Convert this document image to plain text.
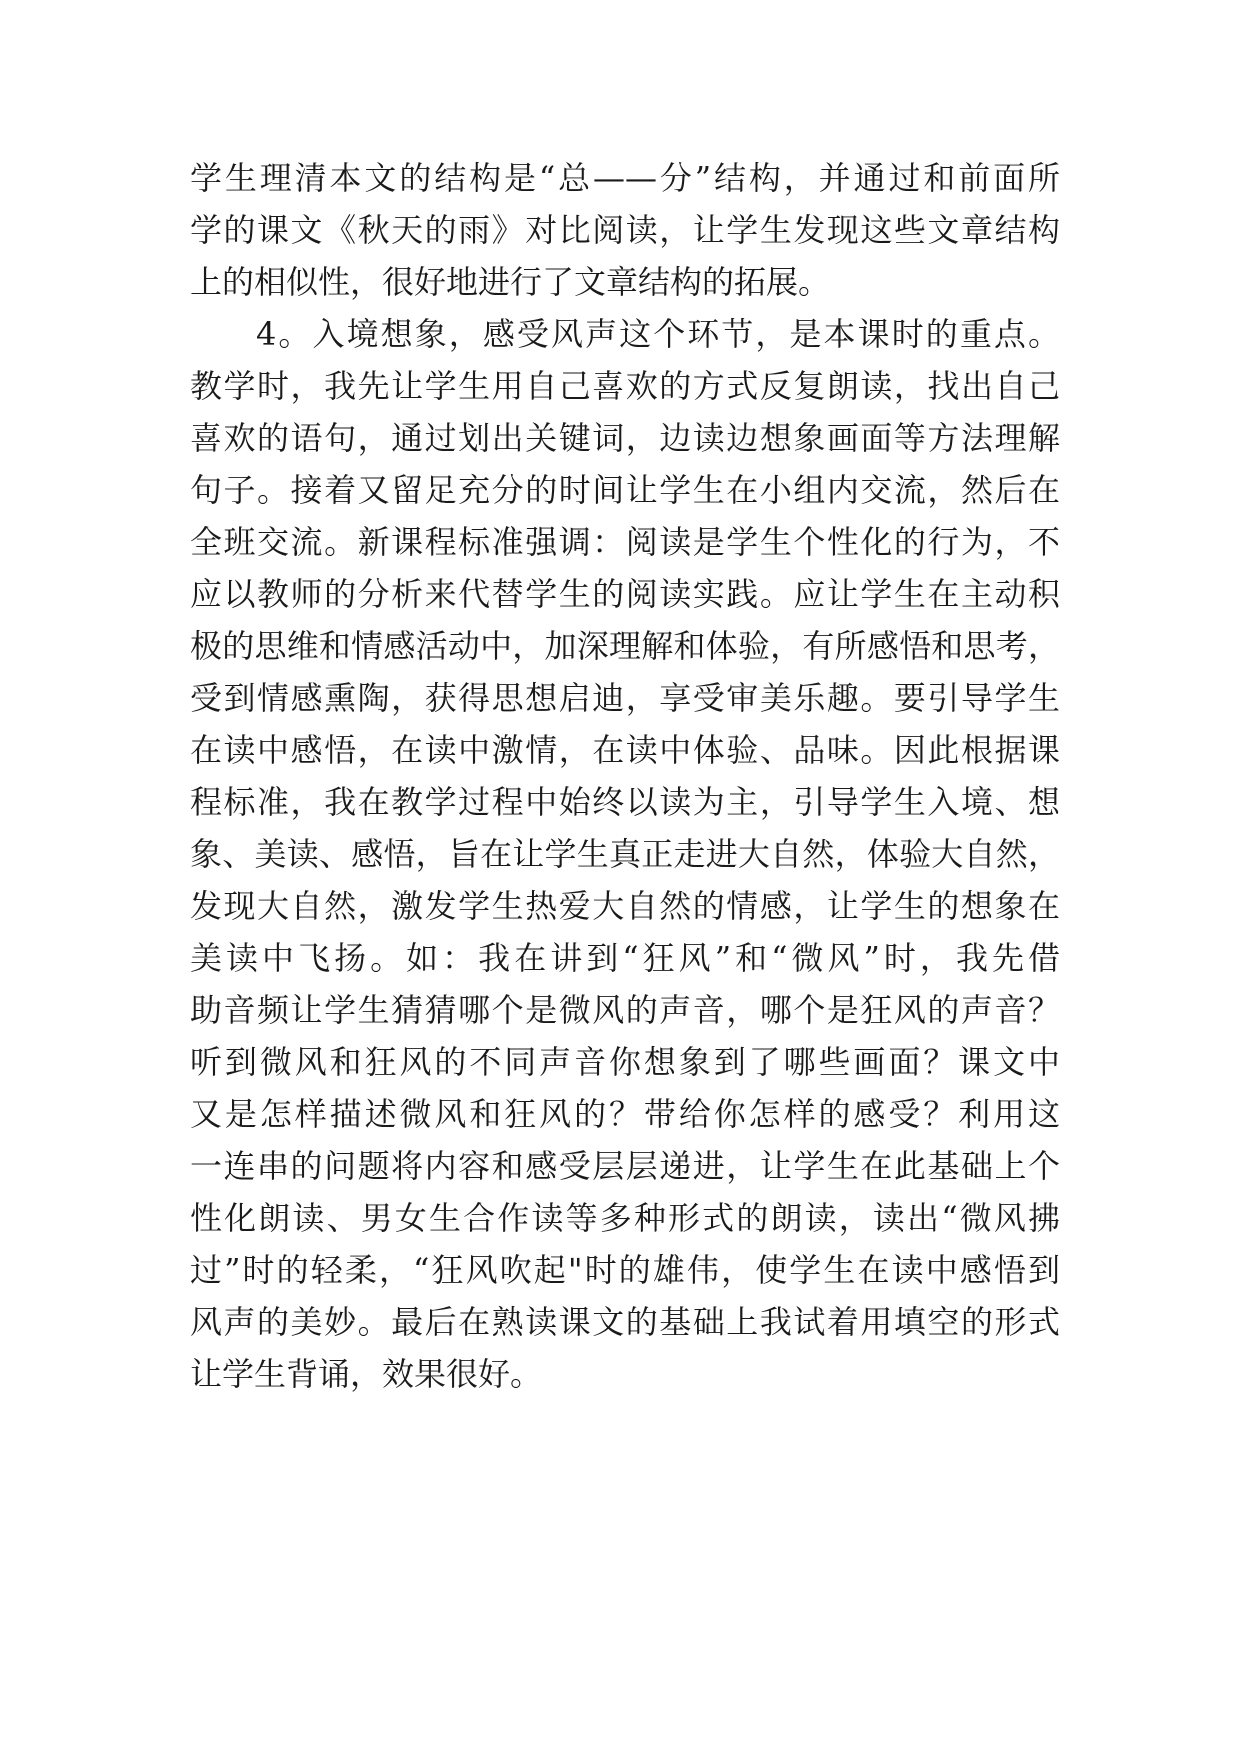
学生理清本文的结构是“总——分”结构，并通过和前面所
学的课文《秋天的雨》对比阅读，让学生发现这些文章结构
上的相似性，很好地进行了文章结构的拓展。
4。入境想象，感受风声这个环节，是本课时的重点。
教学时，我先让学生用自己喜欢的方式反复朗读，找出自己
喜欢的语句，通过划出关键词，边读边想象画面等方法理解
句子。接着又留足充分的时间让学生在小组内交流，然后在
全班交流。新课程标准强调：阅读是学生个性化的行为，不
应以教师的分析来代替学生的阅读实践。应让学生在主动积
极的思维和情感活动中，加深理解和体验，有所感悟和思考，
受到情感熏陶，获得思想启迪，享受审美乐趣。要引导学生
在读中感悟，在读中激情，在读中体验、品味。因此根据课
程标准，我在教学过程中始终以读为主，引导学生入境、想
象、美读、感悟，旨在让学生真正走进大自然，体验大自然，
发现大自然，激发学生热爱大自然的情感，让学生的想象在
美读中飞扬。如：我在讲到“狂风”和“微风”时，我先借
助音频让学生猜猜哪个是微风的声音，哪个是狂风的声音？
听到微风和狂风的不同声音你想象到了哪些画面？课文中
又是怎样描述微风和狂风的？带给你怎样的感受？利用这
一连串的问题将内容和感受层层递进，让学生在此基础上个
性化朗读、男女生合作读等多种形式的朗读，读出“微风拂
过”时的轻柔，“狂风吹起"时的雄伟，使学生在读中感悟到
风声的美妙。最后在熟读课文的基础上我试着用填空的形式
让学生背诵，效果很好。
